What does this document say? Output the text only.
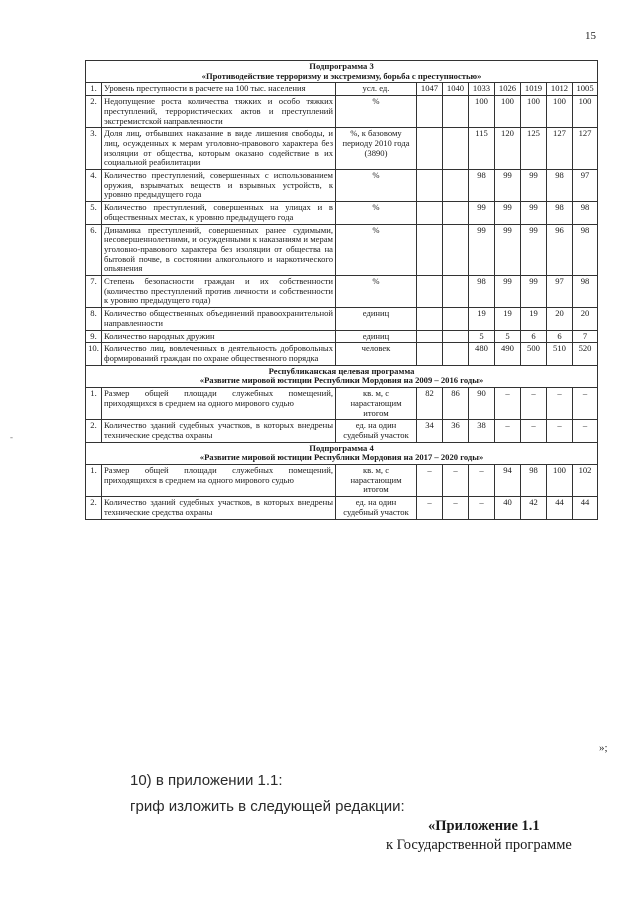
15
-
Подпрограмма 3
«Противодействие терроризму и экстремизму, борьба с преступностью»									

1.	Уровень преступности в расчете на 100 тыс. населения	усл. ед.	1047	1040	1033	1026	1019	1012	1005
2.	Недопущение роста количества тяжких и особо тяжких преступлений, террористических актов и преступлений экстремистской направленности	%			100	100	100	100	100
3.	Доля лиц, отбывших наказание в виде лишения свободы, и лиц, осужденных к мерам уголовно-правового характера без изоляции от общества, которым оказано содействие в их социальной реабилитации	%, к базовому периоду 2010 года (3890)			115	120	125	127	127
4.	Количество преступлений, совершенных с использованием оружия, взрывчатых веществ и взрывных устройств, к уровню предыдущего года	%			98	99	99	98	97
5.	Количество преступлений, совершенных на улицах и в общественных местах, к уровню предыдущего года	%			99	99	99	98	98
6.	Динамика преступлений, совершенных ранее судимыми, несовершеннолетними, и осужденными к наказаниям и мерам уголовно-правового характера без изоляции от общества на бытовой почве, в состоянии алкогольного и наркотического опьянения	%			99	99	99	96	98
7.	Степень безопасности граждан и их собственности (количество преступлений против личности и собственности к уровню предыдущего года)	%			98	99	99	97	98
8.	Количество общественных объединений правоохранительной направленности	единиц			19	19	19	20	20
9.	Количество народных дружин	единиц			5	5	6	6	7
10.	Количество лиц, вовлеченных в деятельность добровольных формирований граждан по охране общественного порядка	человек			480	490	500	510	520

Республиканская целевая программа
«Развитие мировой юстиции Республики Мордовия на 2009 – 2016 годы»									

1.	Размер общей площади служебных помещений, приходящихся в среднем на одного мирового судью	кв. м, с нарастающим итогом	82	86	90	–	–	–	–
2.	Количество зданий судебных участков, в которых внедрены технические средства охраны	ед. на один судебный участок	34	36	38	–	–	–	–

Подпрограмма 4
«Развитие мировой юстиции Республики Мордовия на 2017 – 2020 годы»									

1.	Размер общей площади служебных помещений, приходящихся в среднем на одного мирового судью	кв. м, с нарастающим итогом	–	–	–	94	98	100	102
2.	Количество зданий судебных участков, в которых внедрены технические средства охраны	ед. на один судебный участок	–	–	–	40	42	44	44
»;
10) в приложении 1.1:
гриф изложить в следующей редакции:
«Приложение 1.1
к Государственной программе
